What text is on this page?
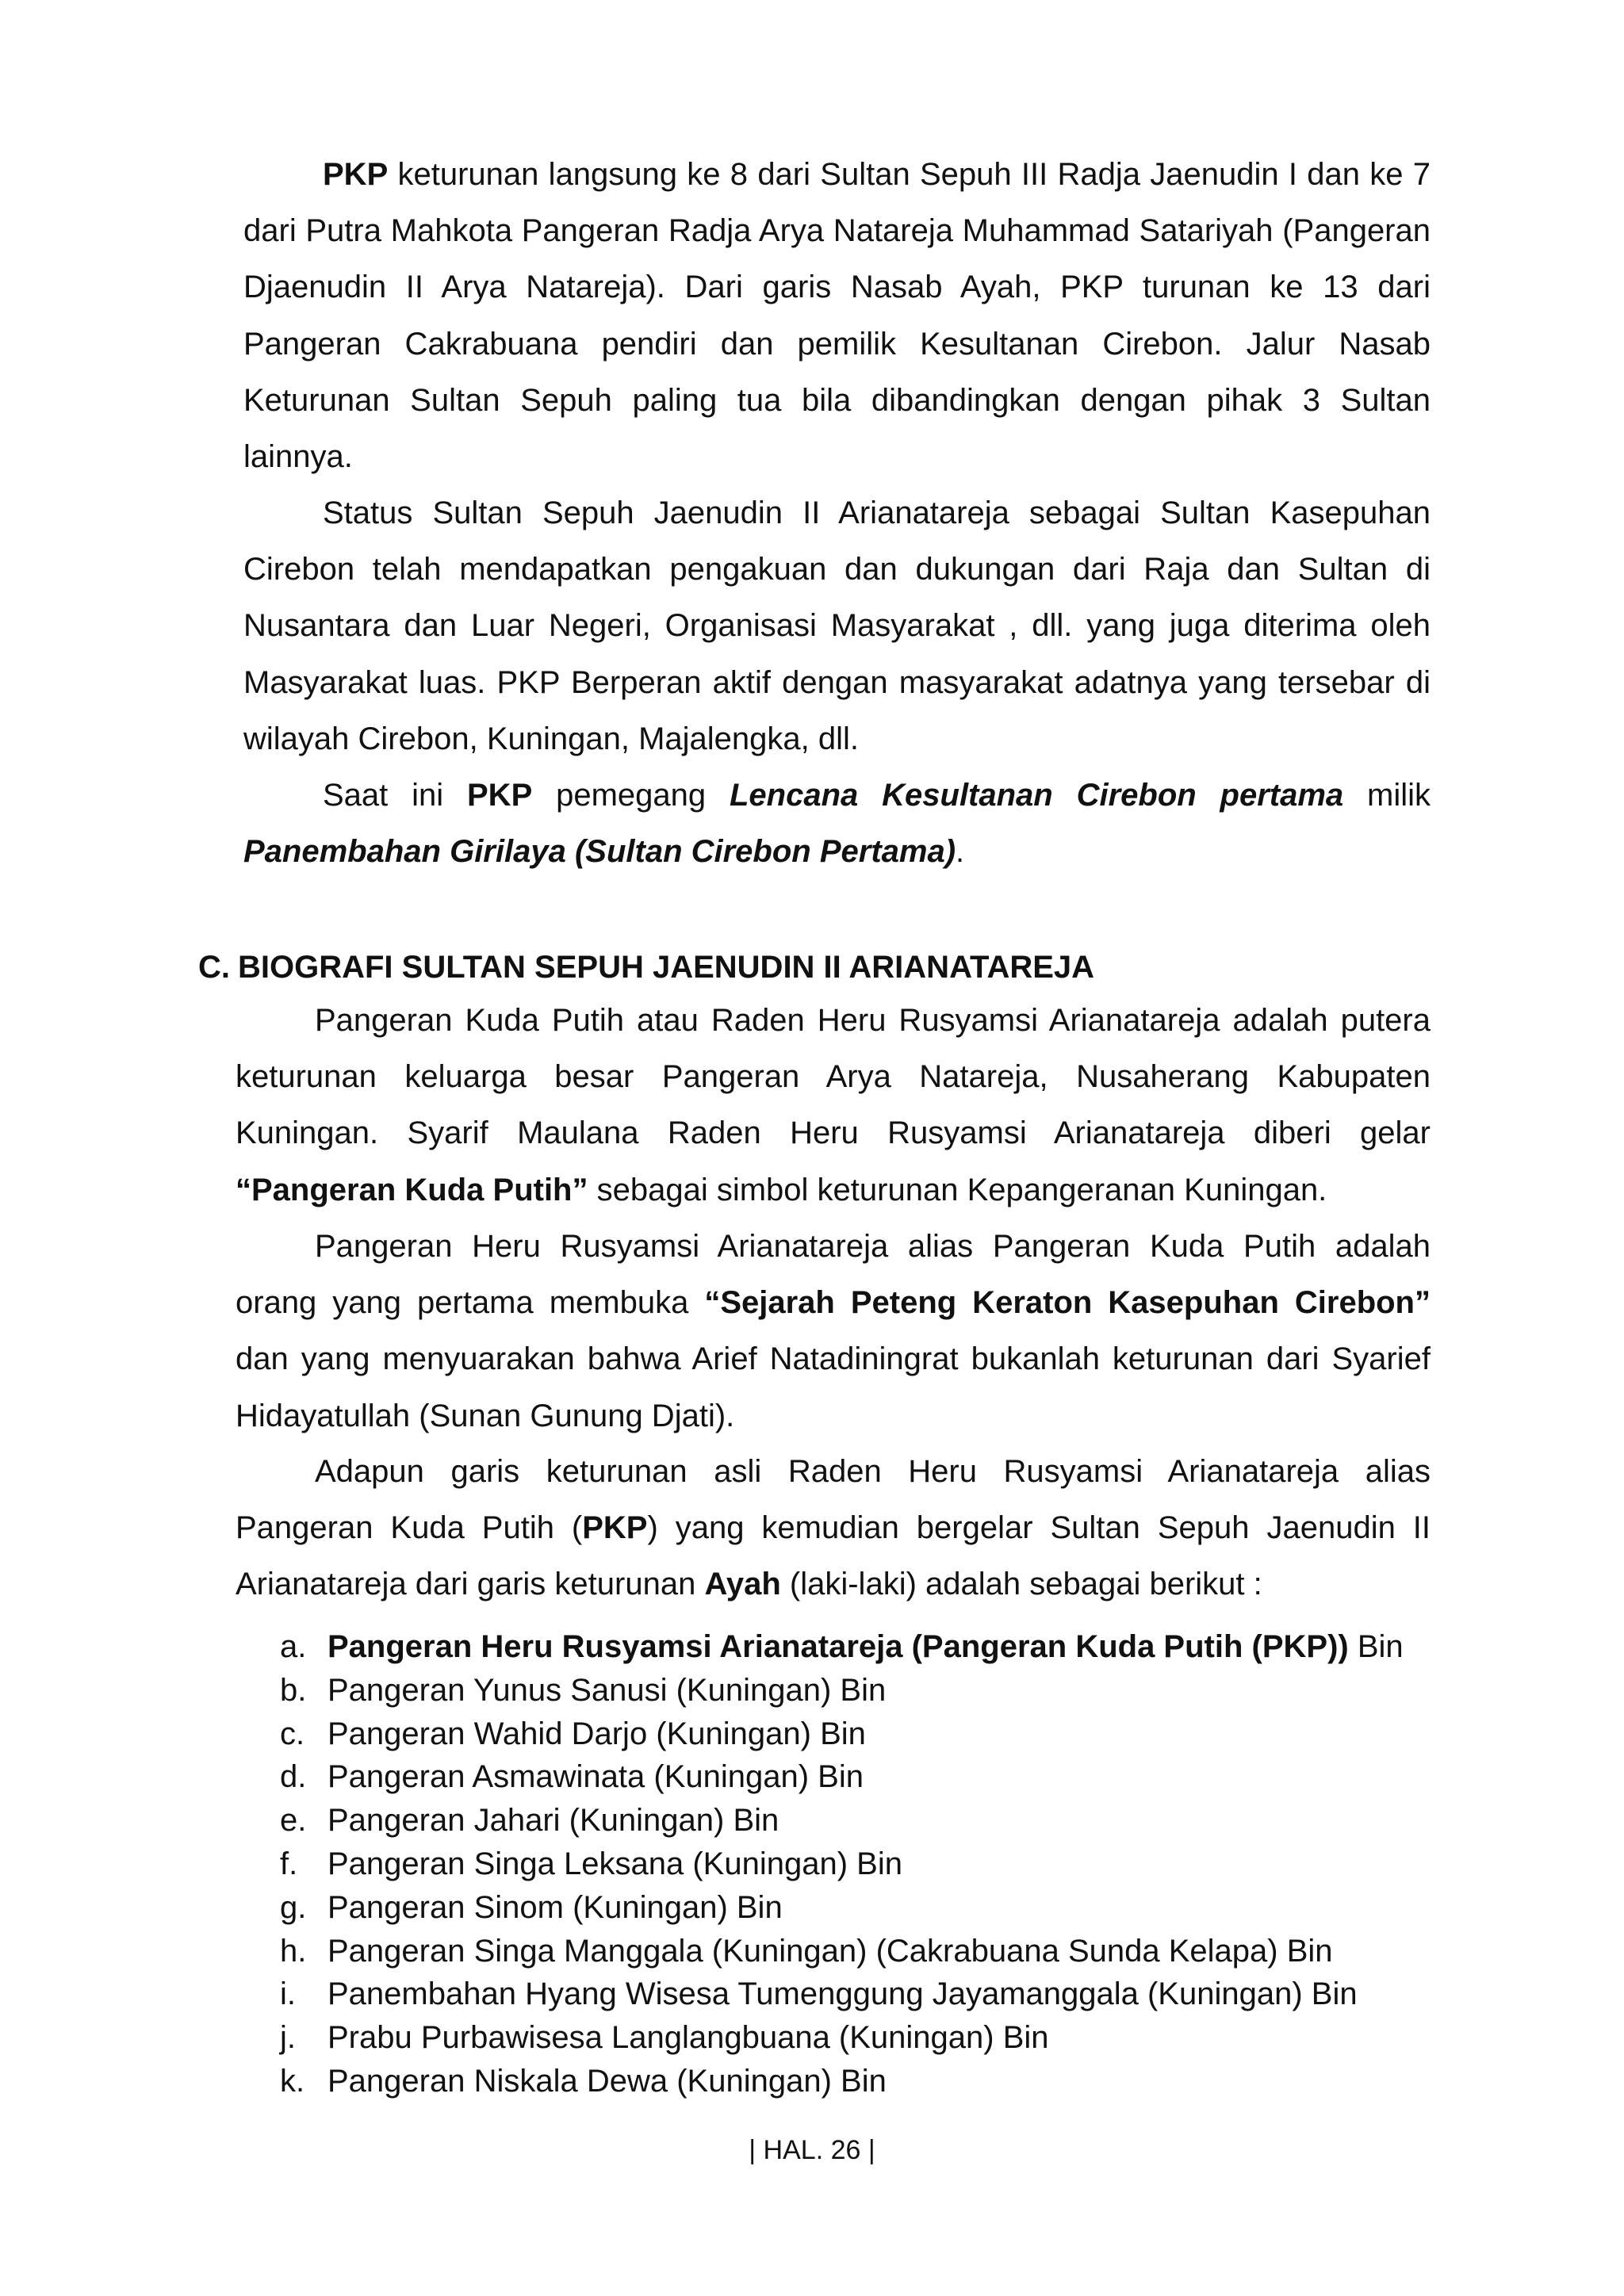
PKP keturunan langsung ke 8 dari Sultan Sepuh III Radja Jaenudin I dan ke 7 dari Putra Mahkota Pangeran Radja Arya Natareja Muhammad Satariyah (Pangeran Djaenudin II Arya Natareja). Dari garis Nasab Ayah, PKP turunan ke 13 dari Pangeran Cakrabuana pendiri dan pemilik Kesultanan Cirebon. Jalur Nasab Keturunan Sultan Sepuh paling tua bila dibandingkan dengan pihak 3 Sultan lainnya.

Status Sultan Sepuh Jaenudin II Arianatareja sebagai Sultan Kasepuhan Cirebon telah mendapatkan pengakuan dan dukungan dari Raja dan Sultan di Nusantara dan Luar Negeri, Organisasi Masyarakat , dll. yang juga diterima oleh Masyarakat luas. PKP Berperan aktif dengan masyarakat adatnya yang tersebar di wilayah Cirebon, Kuningan, Majalengka, dll.

Saat ini PKP pemegang Lencana Kesultanan Cirebon pertama milik Panembahan Girilaya (Sultan Cirebon Pertama).

C. BIOGRAFI SULTAN SEPUH JAENUDIN II ARIANATAREJA

Pangeran Kuda Putih atau Raden Heru Rusyamsi Arianatareja adalah putera keturunan keluarga besar Pangeran Arya Natareja, Nusaherang Kabupaten Kuningan. Syarif Maulana Raden Heru Rusyamsi Arianatareja diberi gelar “Pangeran Kuda Putih” sebagai simbol keturunan Kepangeranan Kuningan.

Pangeran Heru Rusyamsi Arianatareja alias Pangeran Kuda Putih adalah orang yang pertama membuka “Sejarah Peteng Keraton Kasepuhan Cirebon” dan yang menyuarakan bahwa Arief Natadiningrat bukanlah keturunan dari Syarief Hidayatullah (Sunan Gunung Djati).

Adapun garis keturunan asli Raden Heru Rusyamsi Arianatareja alias Pangeran Kuda Putih (PKP) yang kemudian bergelar Sultan Sepuh Jaenudin II Arianatareja dari garis keturunan Ayah (laki-laki) adalah sebagai berikut :

a. Pangeran Heru Rusyamsi Arianatareja (Pangeran Kuda Putih (PKP)) Bin
b. Pangeran Yunus Sanusi (Kuningan) Bin
c. Pangeran Wahid Darjo (Kuningan) Bin
d. Pangeran Asmawinata (Kuningan) Bin
e. Pangeran Jahari (Kuningan) Bin
f. Pangeran Singa Leksana (Kuningan) Bin
g. Pangeran Sinom (Kuningan) Bin
h. Pangeran Singa Manggala (Kuningan) (Cakrabuana Sunda Kelapa) Bin
i. Panembahan Hyang Wisesa Tumenggung Jayamanggala (Kuningan) Bin
j. Prabu Purbawisesa Langlangbuana (Kuningan) Bin
k. Pangeran Niskala Dewa (Kuningan) Bin

| HAL. 26 |
